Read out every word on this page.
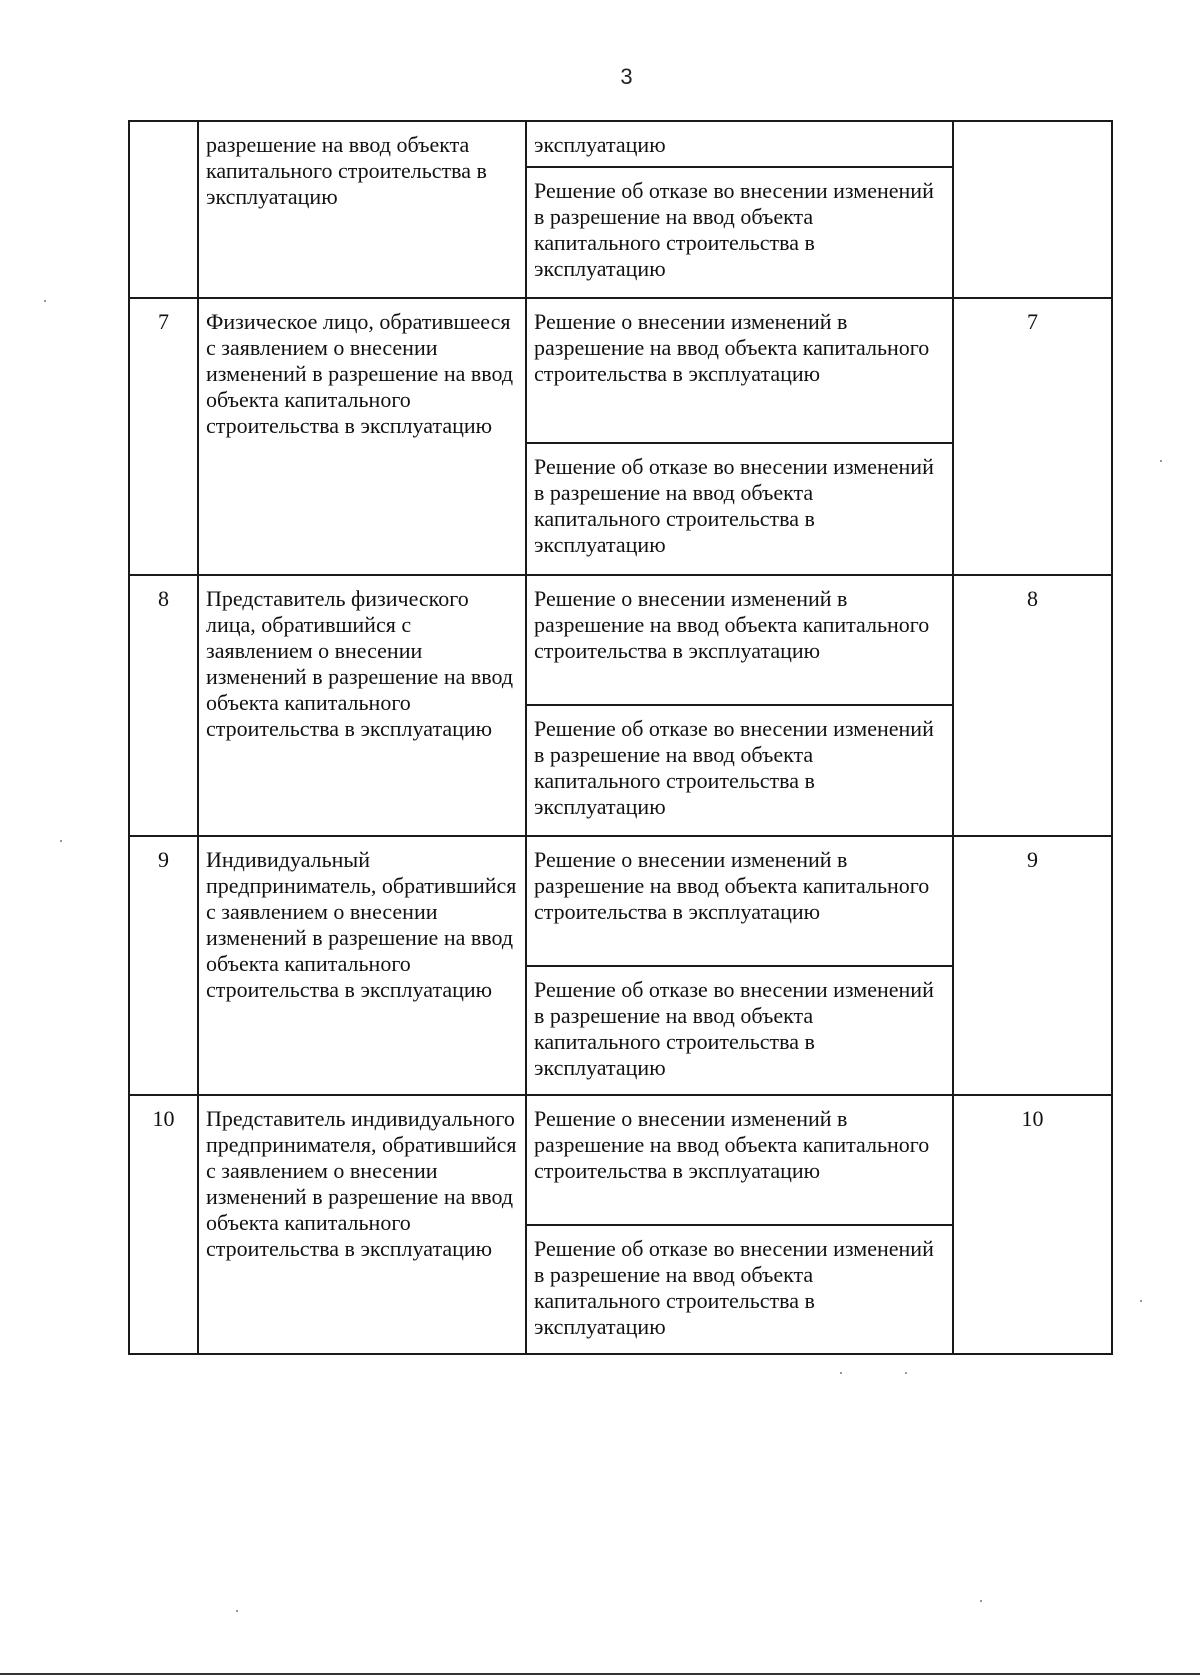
3
	разрешение на ввод объекта капитального строительства в эксплуатацию	эксплуатацию	
		Решение об отказе во внесении изменений в разрешение на ввод объекта капитального строительства в эксплуатацию	
7	Физическое лицо, обратившееся с заявлением о внесении изменений в разрешение на ввод объекта капитального строительства в эксплуатацию	Решение о внесении изменений в разрешение на ввод объекта капитального строительства в эксплуатацию	7
		Решение об отказе во внесении изменений в разрешение на ввод объекта капитального строительства в эксплуатацию	
8	Представитель физического лица, обратившийся с заявлением о внесении изменений в разрешение на ввод объекта капитального строительства в эксплуатацию	Решение о внесении изменений в разрешение на ввод объекта капитального строительства в эксплуатацию	8
		Решение об отказе во внесении изменений в разрешение на ввод объекта капитального строительства в эксплуатацию	
9	Индивидуальный предприниматель, обратившийся с заявлением о внесении изменений в разрешение на ввод объекта капитального строительства в эксплуатацию	Решение о внесении изменений в разрешение на ввод объекта капитального строительства в эксплуатацию	9
		Решение об отказе во внесении изменений в разрешение на ввод объекта капитального строительства в эксплуатацию	
10	Представитель индивидуального предпринимателя, обратившийся с заявлением о внесении изменений в разрешение на ввод объекта капитального строительства в эксплуатацию	Решение о внесении изменений в разрешение на ввод объекта капитального строительства в эксплуатацию	10
		Решение об отказе во внесении изменений в разрешение на ввод объекта капитального строительства в эксплуатацию	
